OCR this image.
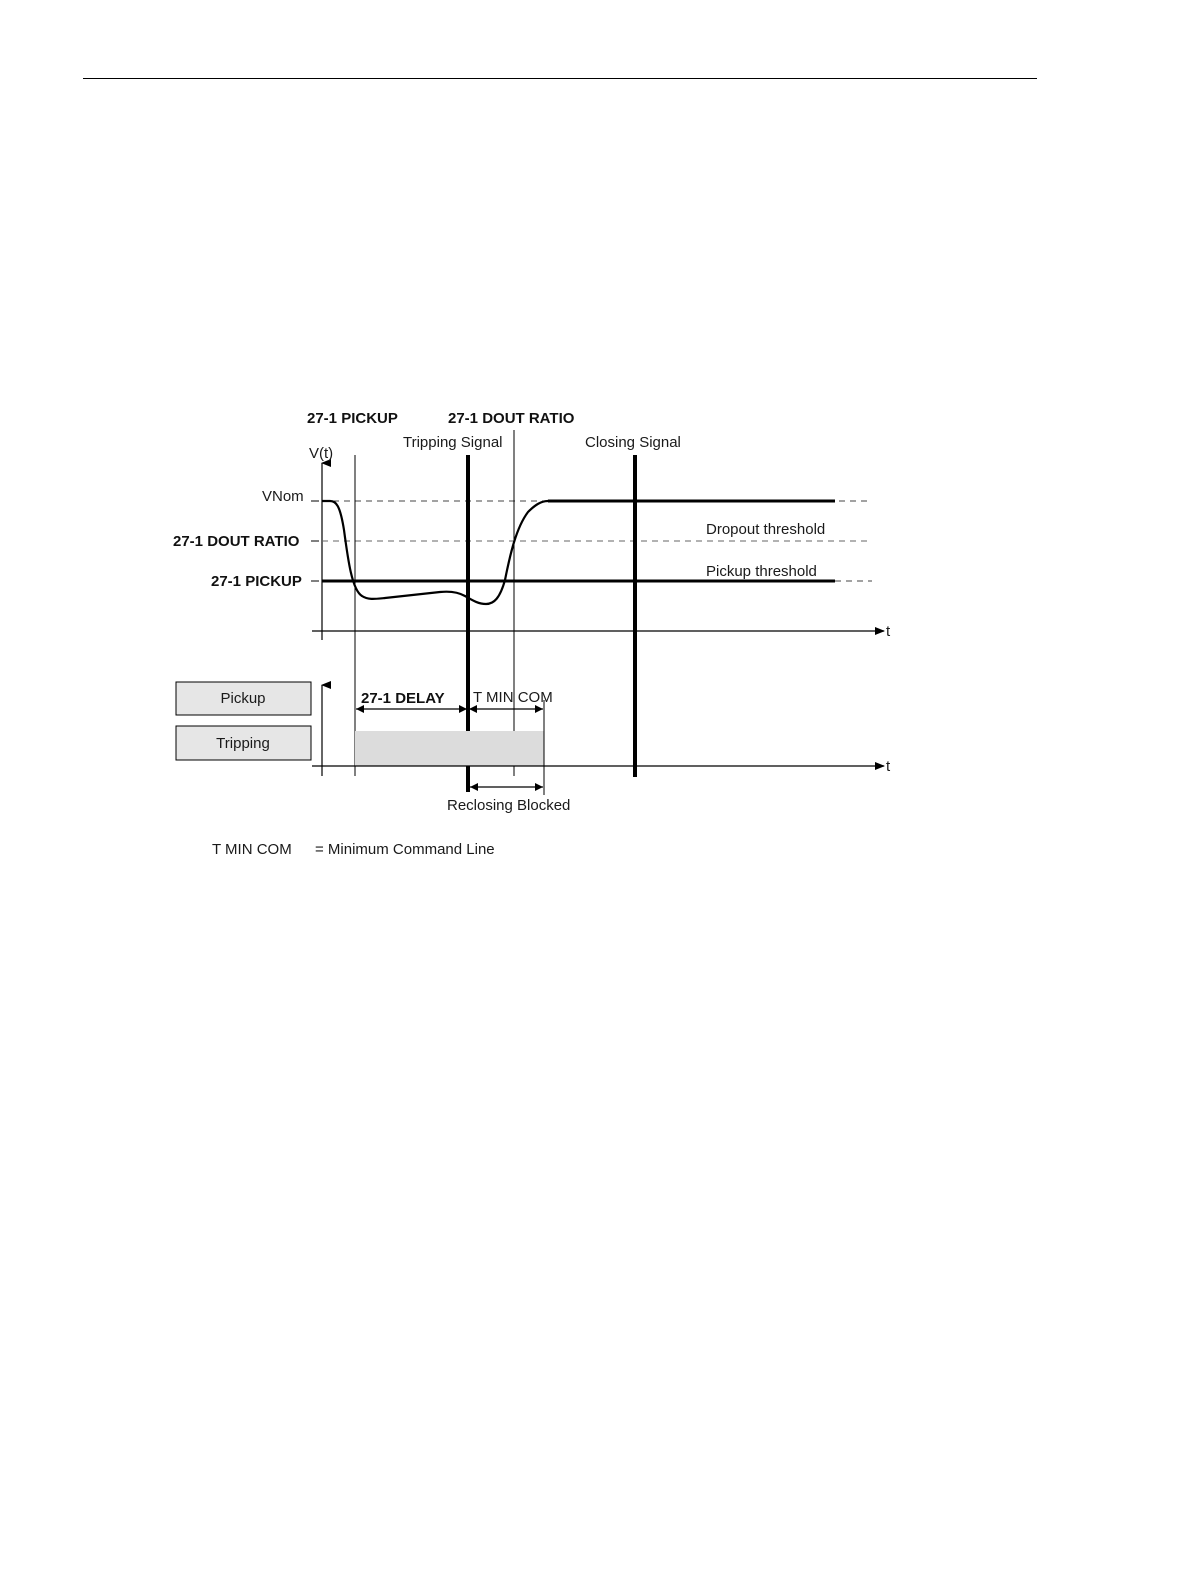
27-1 PICKUP	27-1 DOUT RATIO
Tripping Signal	Closing Signal
V(t)
t
VNom
27-1 DOUT RATIO
27-1 PICKUP
Dropout threshold
Pickup threshold
Pickup
Tripping
t
27-1 DELAY T MIN COM
Reclosing Blocked
T MIN COM = Minimum Command Line
